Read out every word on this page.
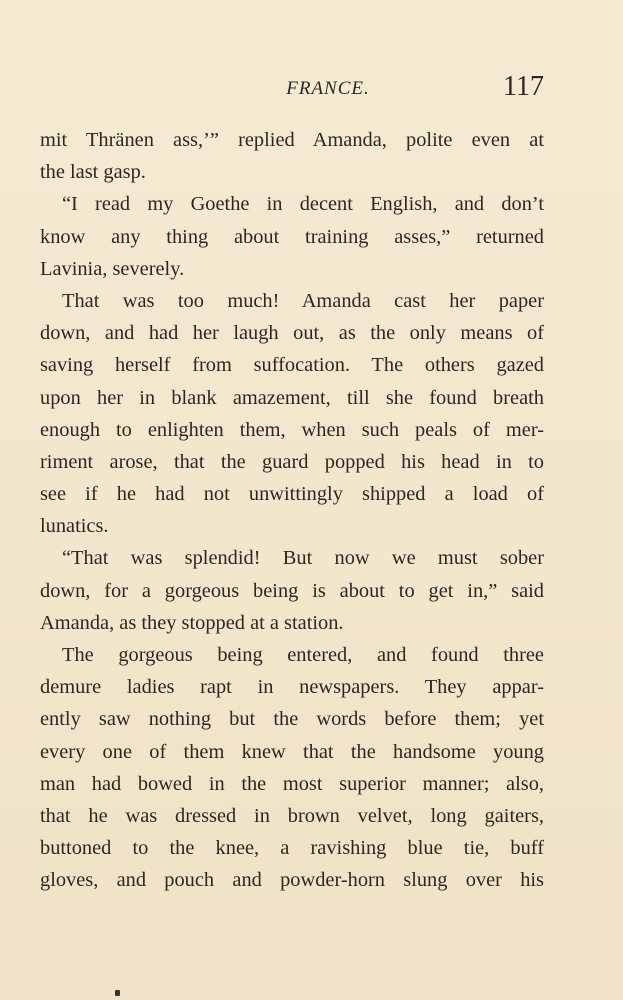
FRANCE.	117
mit Thränen ass,’” replied Amanda, polite even at
the last gasp.
“I read my Goethe in decent English, and don’t
know any thing about training asses,” returned
Lavinia, severely.
That was too much! Amanda cast her paper
down, and had her laugh out, as the only means of
saving herself from suffocation. The others gazed
upon her in blank amazement, till she found breath
enough to enlighten them, when such peals of mer-
riment arose, that the guard popped his head in to
see if he had not unwittingly shipped a load of
lunatics.
“That was splendid! But now we must sober
down, for a gorgeous being is about to get in,” said
Amanda, as they stopped at a station.
The gorgeous being entered, and found three
demure ladies rapt in newspapers. They appar-
ently saw nothing but the words before them; yet
every one of them knew that the handsome young
man had bowed in the most superior manner; also,
that he was dressed in brown velvet, long gaiters,
buttoned to the knee, a ravishing blue tie, buff
gloves, and pouch and powder-horn slung over his
